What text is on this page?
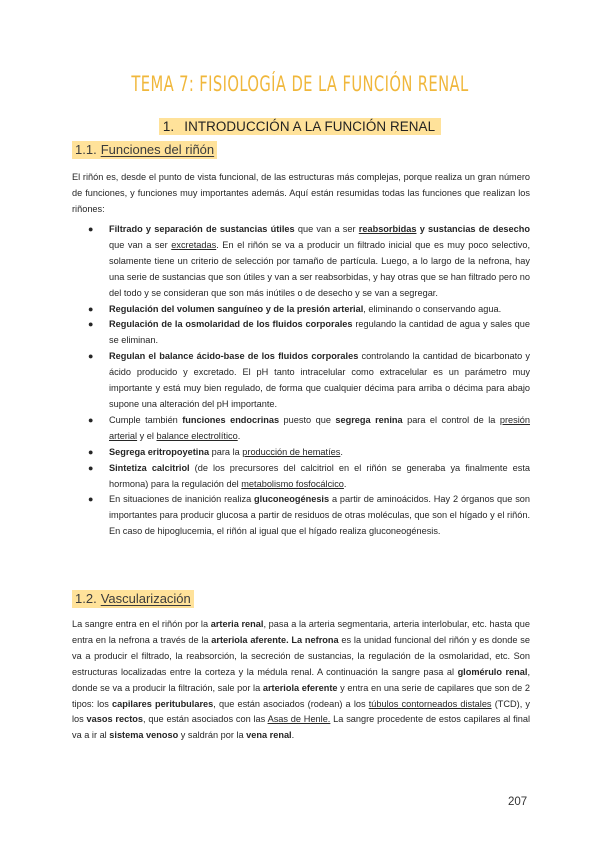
TEMA 7: FISIOLOGÍA DE LA FUNCIÓN RENAL
1. INTRODUCCIÓN A LA FUNCIÓN RENAL
1.1. Funciones del riñón
El riñón es, desde el punto de vista funcional, de las estructuras más complejas, porque realiza un gran número de funciones, y funciones muy importantes además. Aquí están resumidas todas las funciones que realizan los riñones:
● Filtrado y separación de sustancias útiles que van a ser reabsorbidas y sustancias de desecho que van a ser excretadas. En el riñón se va a producir un filtrado inicial que es muy poco selectivo, solamente tiene un criterio de selección por tamaño de partícula. Luego, a lo largo de la nefrona, hay una serie de sustancias que son útiles y van a ser reabsorbidas, y hay otras que se han filtrado pero no del todo y se consideran que son más inútiles o de desecho y se van a segregar.
● Regulación del volumen sanguíneo y de la presión arterial, eliminando o conservando agua.
● Regulación de la osmolaridad de los fluidos corporales regulando la cantidad de agua y sales que se eliminan.
● Regulan el balance ácido-base de los fluidos corporales controlando la cantidad de bicarbonato y ácido producido y excretado. El pH tanto intracelular como extracelular es un parámetro muy importante y está muy bien regulado, de forma que cualquier décima para arriba o décima para abajo supone una alteración del pH importante.
● Cumple también funciones endocrinas puesto que segrega renina para el control de la presión arterial y el balance electrolítico.
● Segrega eritropoyetina para la producción de hematíes.
● Sintetiza calcitriol (de los precursores del calcitriol en el riñón se generaba ya finalmente esta hormona) para la regulación del metabolismo fosfocálcico.
● En situaciones de inanición realiza gluconeogénesis a partir de aminoácidos. Hay 2 órganos que son importantes para producir glucosa a partir de residuos de otras moléculas, que son el hígado y el riñón. En caso de hipoglucemia, el riñón al igual que el hígado realiza gluconeogénesis.
1.2. Vascularización
La sangre entra en el riñón por la arteria renal, pasa a la arteria segmentaria, arteria interlobular, etc. hasta que entra en la nefrona a través de la arteriola aferente. La nefrona es la unidad funcional del riñón y es donde se va a producir el filtrado, la reabsorción, la secreción de sustancias, la regulación de la osmolaridad, etc. Son estructuras localizadas entre la corteza y la médula renal. A continuación la sangre pasa al glomérulo renal, donde se va a producir la filtración, sale por la arteriola eferente y entra en una serie de capilares que son de 2 tipos: los capilares peritubulares, que están asociados (rodean) a los túbulos contorneados distales (TCD), y los vasos rectos, que están asociados con las Asas de Henle. La sangre procedente de estos capilares al final va a ir al sistema venoso y saldrán por la vena renal.
207
